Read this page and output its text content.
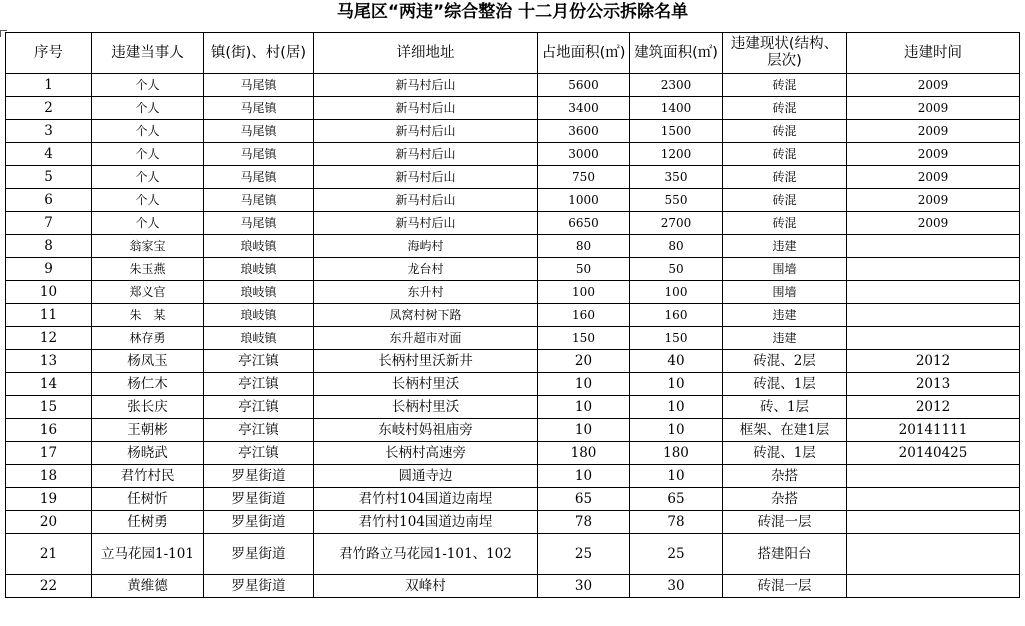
马尾区“两违”综合整治 十二月份公示拆除名单
序号	违建当事人	镇(街)、村(居)	详细地址	占地面积(㎡)	建筑面积(㎡)	违建现状(结构、层次)	违建时间
1	个人	马尾镇	新马村后山	5600	2300	砖混	2009
2	个人	马尾镇	新马村后山	3400	1400	砖混	2009
3	个人	马尾镇	新马村后山	3600	1500	砖混	2009
4	个人	马尾镇	新马村后山	3000	1200	砖混	2009
5	个人	马尾镇	新马村后山	750	350	砖混	2009
6	个人	马尾镇	新马村后山	1000	550	砖混	2009
7	个人	马尾镇	新马村后山	6650	2700	砖混	2009
8	翁家宝	琅岐镇	海屿村	80	80	违建	
9	朱玉燕	琅岐镇	龙台村	50	50	围墙	
10	郑义官	琅岐镇	东升村	100	100	围墙	
11	朱　某	琅岐镇	凤窝村树下路	160	160	违建	
12	林存勇	琅岐镇	东升超市对面	150	150	违建	
13	杨凤玉	亭江镇	长柄村里沃新井	20	40	砖混、2层	2012
14	杨仁木	亭江镇	长柄村里沃	10	10	砖混、1层	2013
15	张长庆	亭江镇	长柄村里沃	10	10	砖、1层	2012
16	王朝彬	亭江镇	东岐村妈祖庙旁	10	10	框架、在建1层	20141111
17	杨晓武	亭江镇	长柄村高速旁	180	180	砖混、1层	20140425
18	君竹村民	罗星街道	圆通寺边	10	10	杂搭	
19	任树忻	罗星街道	君竹村104国道边南埕	65	65	杂搭	
20	任树勇	罗星街道	君竹村104国道边南埕	78	78	砖混一层	
21	立马花园1-101	罗星街道	君竹路立马花园1-101、102	25	25	搭建阳台	
22	黄维德	罗星街道	双峰村	30	30	砖混一层	
